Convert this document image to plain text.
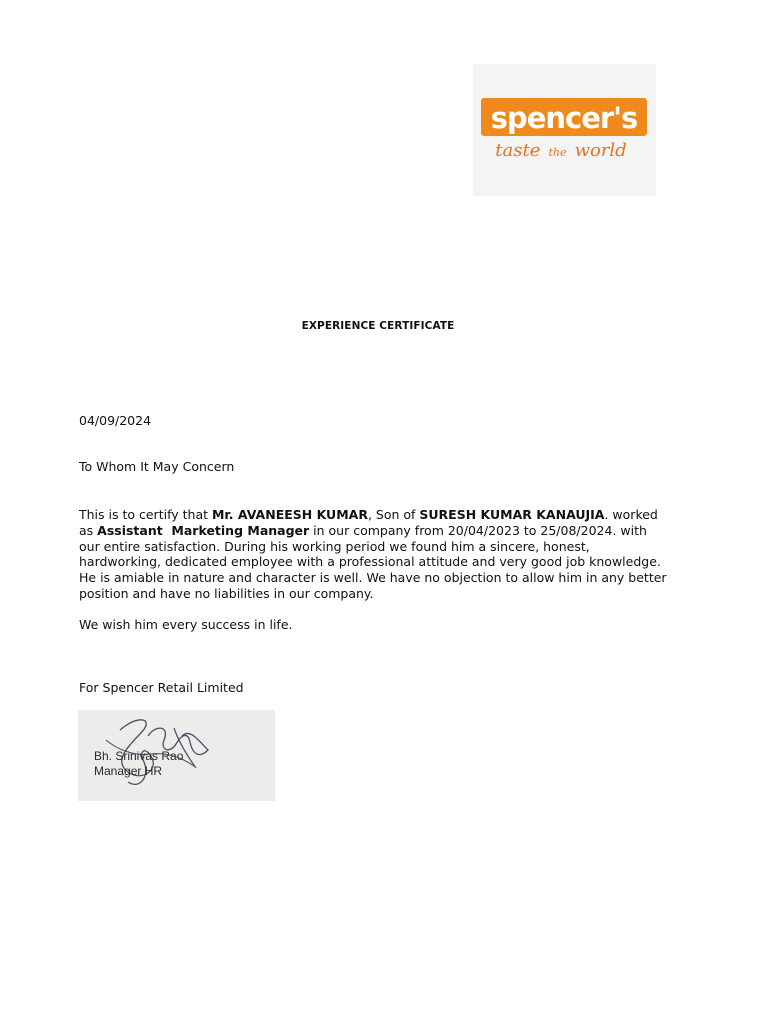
spencer's
taste the world
EXPERIENCE CERTIFICATE
04/09/2024
To Whom It May Concern
This is to certify that Mr. AVANEESH KUMAR, Son of SURESH KUMAR KANAUJIA. worked
as Assistant  Marketing Manager in our company from 20/04/2023 to 25/08/2024. with
our entire satisfaction. During his working period we found him a sincere, honest,
hardworking, dedicated employee with a professional attitude and very good job knowledge.
He is amiable in nature and character is well. We have no objection to allow him in any better
position and have no liabilities in our company.
We wish him every success in life.
For Spencer Retail Limited
Bh. Srinivas Rao
Manager HR
